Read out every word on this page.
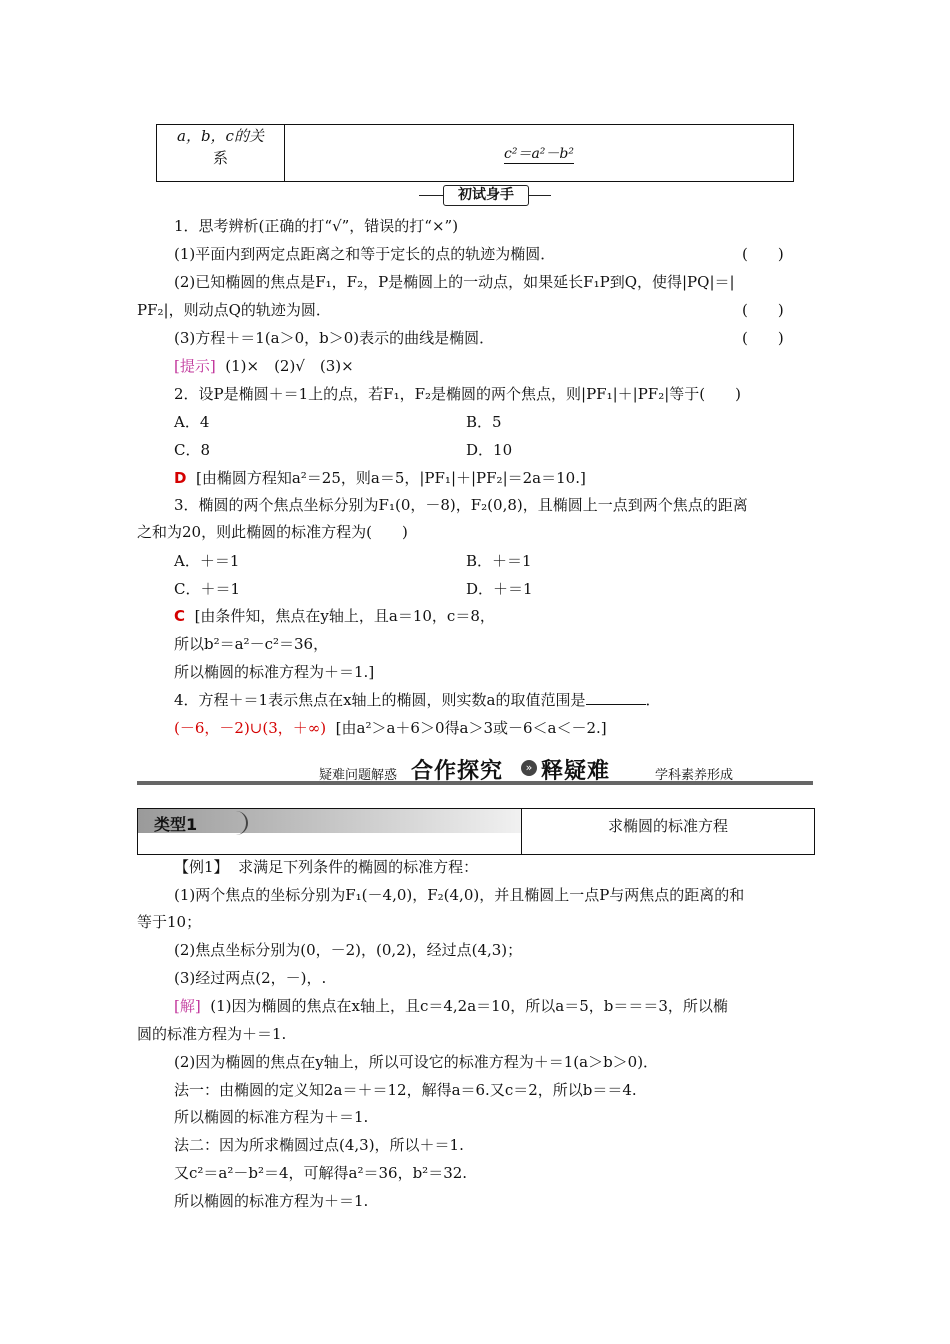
a，b，c的关
系	c²＝a²－b²
初试身手
1．思考辨析(正确的打“√”，错误的打“×”)
(1)平面内到两定点距离之和等于定长的点的轨迹为椭圆．	(　　)
(2)已知椭圆的焦点是F₁，F₂，P是椭圆上的一动点，如果延长F₁P到Q，使得|PQ|＝|
PF₂|，则动点Q的轨迹为圆．	(　　)
(3)方程＋＝1(a＞0，b＞0)表示的曲线是椭圆．	(　　)
[提示] (1)×　(2)√　(3)×
2．设P是椭圆＋＝1上的点，若F₁，F₂是椭圆的两个焦点，则|PF₁|＋|PF₂|等于(　　)
A．4	B．5
C．8	D．10
D [由椭圆方程知a²＝25，则a＝5，|PF₁|＋|PF₂|＝2a＝10.]
3．椭圆的两个焦点坐标分别为F₁(0，－8)，F₂(0,8)，且椭圆上一点到两个焦点的距离
之和为20，则此椭圆的标准方程为(　　)
A．＋＝1	B．＋＝1
C．＋＝1	D．＋＝1
C [由条件知，焦点在y轴上，且a＝10，c＝8，
所以b²＝a²－c²＝36，
所以椭圆的标准方程为＋＝1.]
4．方程＋＝1表示焦点在x轴上的椭圆，则实数a的取值范围是	．
(－6，－2)∪(3，＋∞) [由a²＞a＋6＞0得a＞3或－6＜a＜－2.]
疑难问题解惑 合作探究	» 释疑难	学科素养形成
类型1	求椭圆的标准方程
【例1】 求满足下列条件的椭圆的标准方程：
(1)两个焦点的坐标分别为F₁(－4,0)，F₂(4,0)，并且椭圆上一点P与两焦点的距离的和
等于10；
(2)焦点坐标分别为(0，－2)，(0,2)，经过点(4,3)；
(3)经过两点(2，－)，.
[解] (1)因为椭圆的焦点在x轴上，且c＝4,2a＝10，所以a＝5，b＝＝＝3，所以椭
圆的标准方程为＋＝1.
(2)因为椭圆的焦点在y轴上，所以可设它的标准方程为＋＝1(a＞b＞0)．
法一：由椭圆的定义知2a＝＋＝12，解得a＝6.又c＝2，所以b＝＝4.
所以椭圆的标准方程为＋＝1.
法二：因为所求椭圆过点(4,3)，所以＋＝1.
又c²＝a²－b²＝4，可解得a²＝36，b²＝32.
所以椭圆的标准方程为＋＝1.
